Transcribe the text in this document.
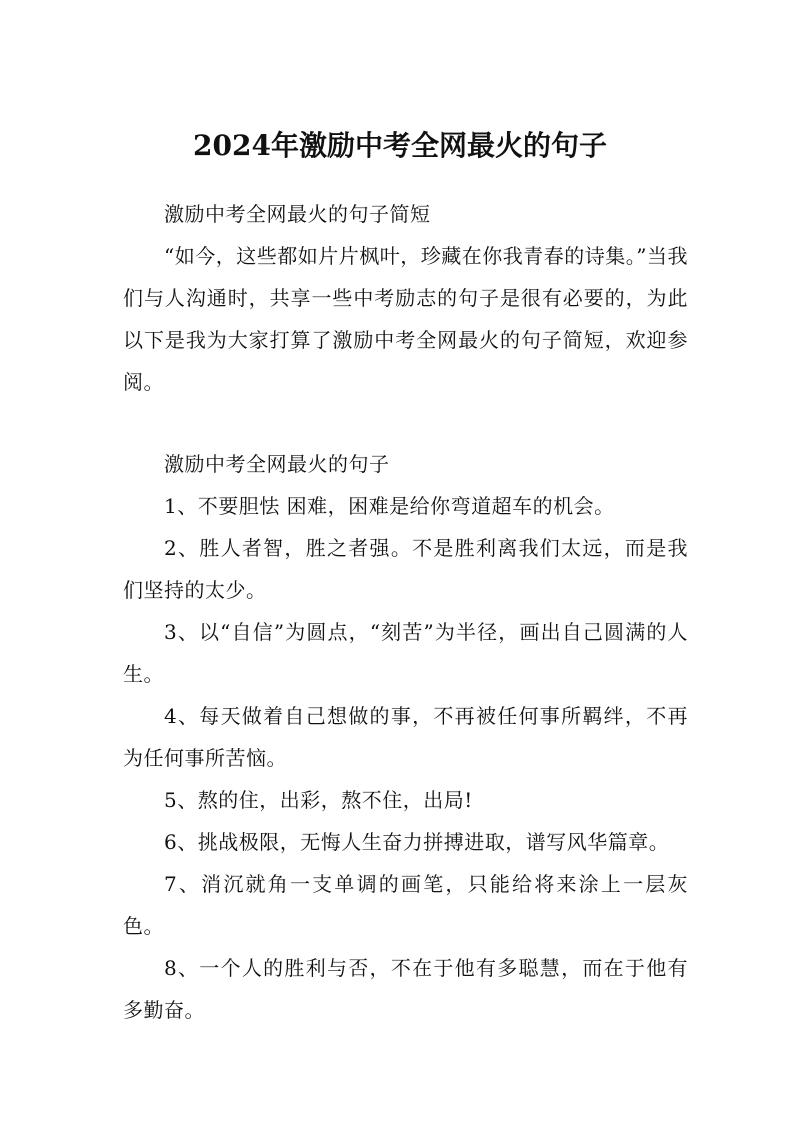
2024年激励中考全网最火的句子

激励中考全网最火的句子简短

“如今，这些都如片片枫叶，珍藏在你我青春的诗集。”当我们与人沟通时，共享一些中考励志的句子是很有必要的，为此以下是我为大家打算了激励中考全网最火的句子简短，欢迎参阅。

激励中考全网最火的句子

1、不要胆怯 困难，困难是给你弯道超车的机会。

2、胜人者智，胜之者强。不是胜利离我们太远，而是我们坚持的太少。

3、以“自信”为圆点，“刻苦”为半径，画出自己圆满的人生。

4、每天做着自己想做的事，不再被任何事所羁绊，不再为任何事所苦恼。

5、熬的住，出彩，熬不住，出局!

6、挑战极限，无悔人生奋力拼搏进取，谱写风华篇章。

7、消沉就角一支单调的画笔，只能给将来涂上一层灰色。

8、一个人的胜利与否，不在于他有多聪慧，而在于他有多勤奋。
